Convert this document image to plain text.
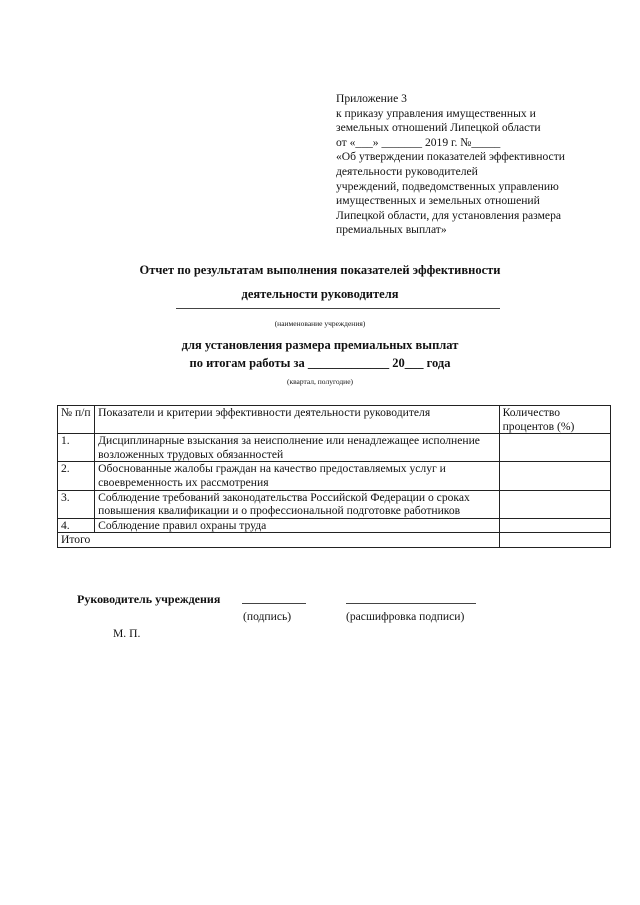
Приложение 3
к приказу управления имущественных и
земельных отношений Липецкой области
от «___» _______ 2019 г. №_____
«Об утверждении показателей эффективности
деятельности руководителей
учреждений, подведомственных управлению
имущественных и земельных отношений
Липецкой области, для установления размера
премиальных выплат»
Отчет по результатам выполнения показателей эффективности
деятельности руководителя
(наименование учреждения)
для установления размера премиальных выплат
по итогам работы за _____________ 20___ года
(квартал, полугодие)
№ п/п	Показатели и критерии эффективности деятельности руководителя	Количество процентов (%)
1.	Дисциплинарные взыскания за неисполнение или ненадлежащее исполнение возложенных трудовых обязанностей	
2.	Обоснованные жалобы граждан на качество предоставляемых услуг и своевременность их рассмотрения	
3.	Соблюдение требований законодательства Российской Федерации о сроках повышения квалификации и о профессиональной подготовке работников	
4.	Соблюдение правил охраны труда	
Итого		
Руководитель учреждения
(подпись)	(расшифровка подписи)
М. П.
